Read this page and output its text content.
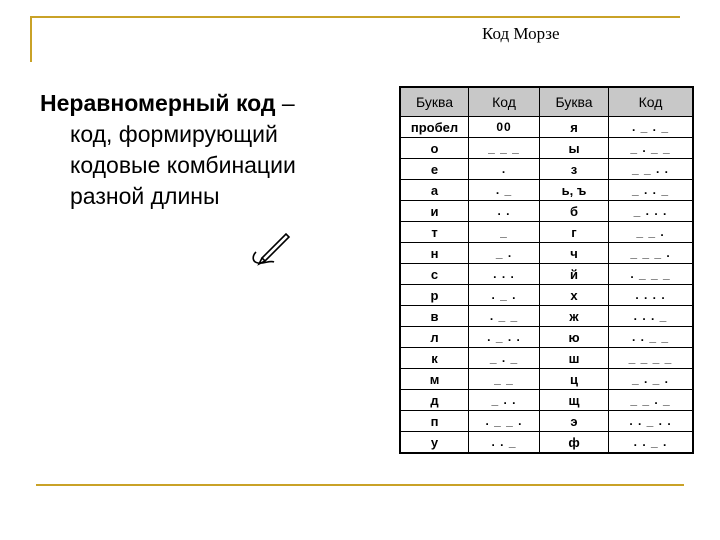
Код Морзе
Неравномерный код –
код, формирующий кодовые комбинации разной длины
Буква	Код	Буква	Код
пробел	00	я	. _ . _
о	_ _ _	ы	_ . _ _
е	.	з	_ _ . .
а	. _	ь, ъ	_ . . _
и	. .	б	_ . . .
т	_	г	_ _ .
н	_ .	ч	_ _ _ .
с	. . .	й	. _ _ _
р	. _ .	х	. . . .
в	. _ _	ж	. . . _
л	. _ . .	ю	. . _ _
к	_ . _	ш	_ _ _ _
м	_ _	ц	_ . _ .
д	_ . .	щ	_ _ . _
п	. _ _ .	э	. . _ . .
у	. . _	ф	. . _ .
